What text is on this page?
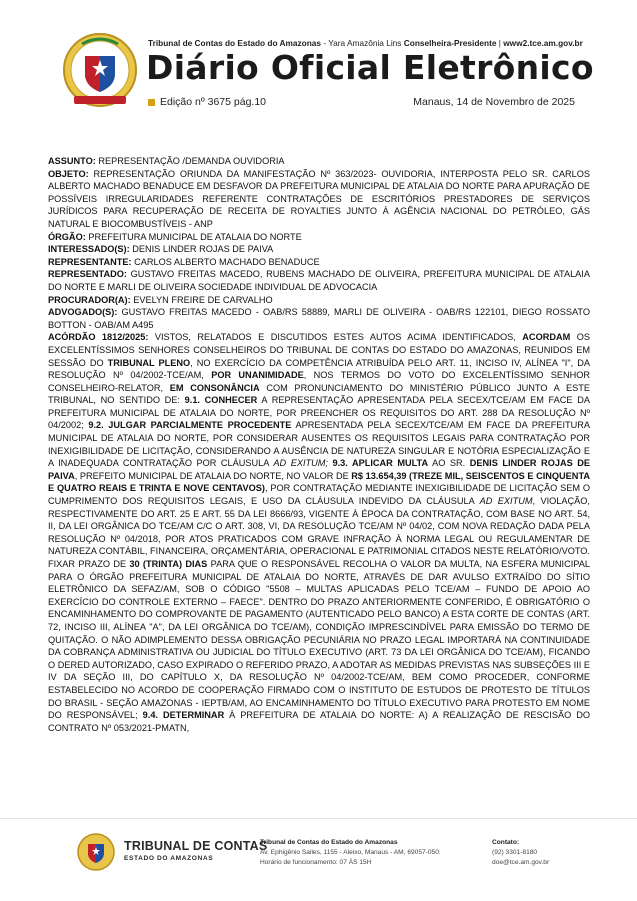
Tribunal de Contas do Estado do Amazonas - Yara Amazônia Lins Conselheira-Presidente | www2.tce.am.gov.br
Diário Oficial Eletrônico
Edição nº 3675 pág.10	Manaus, 14 de Novembro de 2025

ASSUNTO: REPRESENTAÇÃO /DEMANDA OUVIDORIA

OBJETO: REPRESENTAÇÃO ORIUNDA DA MANIFESTAÇÃO Nº 363/2023- OUVIDORIA, INTERPOSTA PELO SR. CARLOS ALBERTO MACHADO BENADUCE EM DESFAVOR DA PREFEITURA MUNICIPAL DE ATALAIA DO NORTE PARA APURAÇÃO DE POSSÍVEIS IRREGULARIDADES REFERENTE CONTRATAÇÕES DE ESCRITÓRIOS PRESTADORES DE SERVIÇOS JURÍDICOS PARA RECUPERAÇÃO DE RECEITA DE ROYALTIES JUNTO À AGÊNCIA NACIONAL DO PETRÓLEO, GÁS NATURAL E BIOCOMBUSTÍVEIS - ANP

ÓRGÃO: PREFEITURA MUNICIPAL DE ATALAIA DO NORTE

INTERESSADO(S): DENIS LINDER ROJAS DE PAIVA

REPRESENTANTE: CARLOS ALBERTO MACHADO BENADUCE

REPRESENTADO: GUSTAVO FREITAS MACEDO, RUBENS MACHADO DE OLIVEIRA, PREFEITURA MUNICIPAL DE ATALAIA DO NORTE E MARLI DE OLIVEIRA SOCIEDADE INDIVIDUAL DE ADVOCACIA

PROCURADOR(A): EVELYN FREIRE DE CARVALHO

ADVOGADO(S): GUSTAVO FREITAS MACEDO - OAB/RS 58889, MARLI DE OLIVEIRA - OAB/RS 122101, DIEGO ROSSATO BOTTON - OAB/AM A495

ACÓRDÃO 1812/2025: VISTOS, RELATADOS E DISCUTIDOS ESTES AUTOS ACIMA IDENTIFICADOS, ACORDAM OS EXCELENTÍSSIMOS SENHORES CONSELHEIROS DO TRIBUNAL DE CONTAS DO ESTADO DO AMAZONAS, REUNIDOS EM SESSÃO DO TRIBUNAL PLENO, NO EXERCÍCIO DA COMPETÊNCIA ATRIBUÍDA PELO ART. 11, INCISO IV, ALÍNEA "I", DA RESOLUÇÃO Nº 04/2002-TCE/AM, POR UNANIMIDADE, NOS TERMOS DO VOTO DO EXCELENTÍSSIMO SENHOR CONSELHEIRO-RELATOR, EM CONSONÂNCIA COM PRONUNCIAMENTO DO MINISTÉRIO PÚBLICO JUNTO A ESTE TRIBUNAL, NO SENTIDO DE: 9.1. CONHECER A REPRESENTAÇÃO APRESENTADA PELA SECEX/TCE/AM EM FACE DA PREFEITURA MUNICIPAL DE ATALAIA DO NORTE, POR PREENCHER OS REQUISITOS DO ART. 288 DA RESOLUÇÃO Nº 04/2002; 9.2. JULGAR PARCIALMENTE PROCEDENTE APRESENTADA PELA SECEX/TCE/AM EM FACE DA PREFEITURA MUNICIPAL DE ATALAIA DO NORTE, POR CONSIDERAR AUSENTES OS REQUISITOS LEGAIS PARA CONTRATAÇÃO POR INEXIGIBILIDADE DE LICITAÇÃO, CONSIDERANDO A AUSÊNCIA DE NATUREZA SINGULAR E NOTÓRIA ESPECIALIZAÇÃO E A INADEQUADA CONTRATAÇÃO POR CLÁUSULA AD EXITUM; 9.3. APLICAR MULTA AO SR. DENIS LINDER ROJAS DE PAIVA, PREFEITO MUNICIPAL DE ATALAIA DO NORTE, NO VALOR DE R$ 13.654,39 (TREZE MIL, SEISCENTOS E CINQUENTA E QUATRO REAIS E TRINTA E NOVE CENTAVOS), POR CONTRATAÇÃO MEDIANTE INEXIGIBILIDADE DE LICITAÇÃO SEM O CUMPRIMENTO DOS REQUISITOS LEGAIS, E USO DA CLÁUSULA INDEVIDO DA CLÁUSULA AD EXITUM, VIOLAÇÃO, RESPECTIVAMENTE DO ART. 25 E ART. 55 DA LEI 8666/93, VIGENTE À ÉPOCA DA CONTRATAÇÃO, COM BASE NO ART. 54, II, DA LEI ORGÂNICA DO TCE/AM C/C O ART. 308, VI, DA RESOLUÇÃO TCE/AM Nº 04/02, COM NOVA REDAÇÃO DADA PELA RESOLUÇÃO Nº 04/2018, POR ATOS PRATICADOS COM GRAVE INFRAÇÃO À NORMA LEGAL OU REGULAMENTAR DE NATUREZA CONTÁBIL, FINANCEIRA, ORÇAMENTÁRIA, OPERACIONAL E PATRIMONIAL CITADOS NESTE RELATÓRIO/VOTO. FIXAR PRAZO DE 30 (TRINTA) DIAS PARA QUE O RESPONSÁVEL RECOLHA O VALOR DA MULTA, NA ESFERA MUNICIPAL PARA O ÓRGÃO PREFEITURA MUNICIPAL DE ATALAIA DO NORTE, ATRAVÉS DE DAR AVULSO EXTRAÍDO DO SÍTIO ELETRÔNICO DA SEFAZ/AM, SOB O CÓDIGO "5508 – MULTAS APLICADAS PELO TCE/AM – FUNDO DE APOIO AO EXERCÍCIO DO CONTROLE EXTERNO – FAECE". DENTRO DO PRAZO ANTERIORMENTE CONFERIDO, É OBRIGATÓRIO O ENCAMINHAMENTO DO COMPROVANTE DE PAGAMENTO (AUTENTICADO PELO BANCO) A ESTA CORTE DE CONTAS (ART. 72, INCISO III, ALÍNEA "A", DA LEI ORGÂNICA DO TCE/AM), CONDIÇÃO IMPRESCINDÍVEL PARA EMISSÃO DO TERMO DE QUITAÇÃO. O NÃO ADIMPLEMENTO DESSA OBRIGAÇÃO PECUNIÁRIA NO PRAZO LEGAL IMPORTARÁ NA CONTINUIDADE DA COBRANÇA ADMINISTRATIVA OU JUDICIAL DO TÍTULO EXECUTIVO (ART. 73 DA LEI ORGÂNICA DO TCE/AM), FICANDO O DERED AUTORIZADO, CASO EXPIRADO O REFERIDO PRAZO, A ADOTAR AS MEDIDAS PREVISTAS NAS SUBSEÇÕES III E IV DA SEÇÃO III, DO CAPÍTULO X, DA RESOLUÇÃO Nº 04/2002-TCE/AM, BEM COMO PROCEDER, CONFORME ESTABELECIDO NO ACORDO DE COOPERAÇÃO FIRMADO COM O INSTITUTO DE ESTUDOS DE PROTESTO DE TÍTULOS DO BRASIL - SEÇÃO AMAZONAS - IEPTB/AM, AO ENCAMINHAMENTO DO TÍTULO EXECUTIVO PARA PROTESTO EM NOME DO RESPONSÁVEL; 9.4. DETERMINAR À PREFEITURA DE ATALAIA DO NORTE: A) A REALIZAÇÃO DE RESCISÃO DO CONTRATO Nº 053/2021-PMATN,

TRIBUNAL DE CONTAS
ESTADO DO AMAZONAS
Tribunal de Contas do Estado do Amazonas
Av. Ephigênio Salles, 1155 - Aleixo, Manaus - AM, 69057-050.
Horário de funcionamento: 07 ÀS 15H
Contato:
(92) 3301-8180
doe@tce.am.gov.br
